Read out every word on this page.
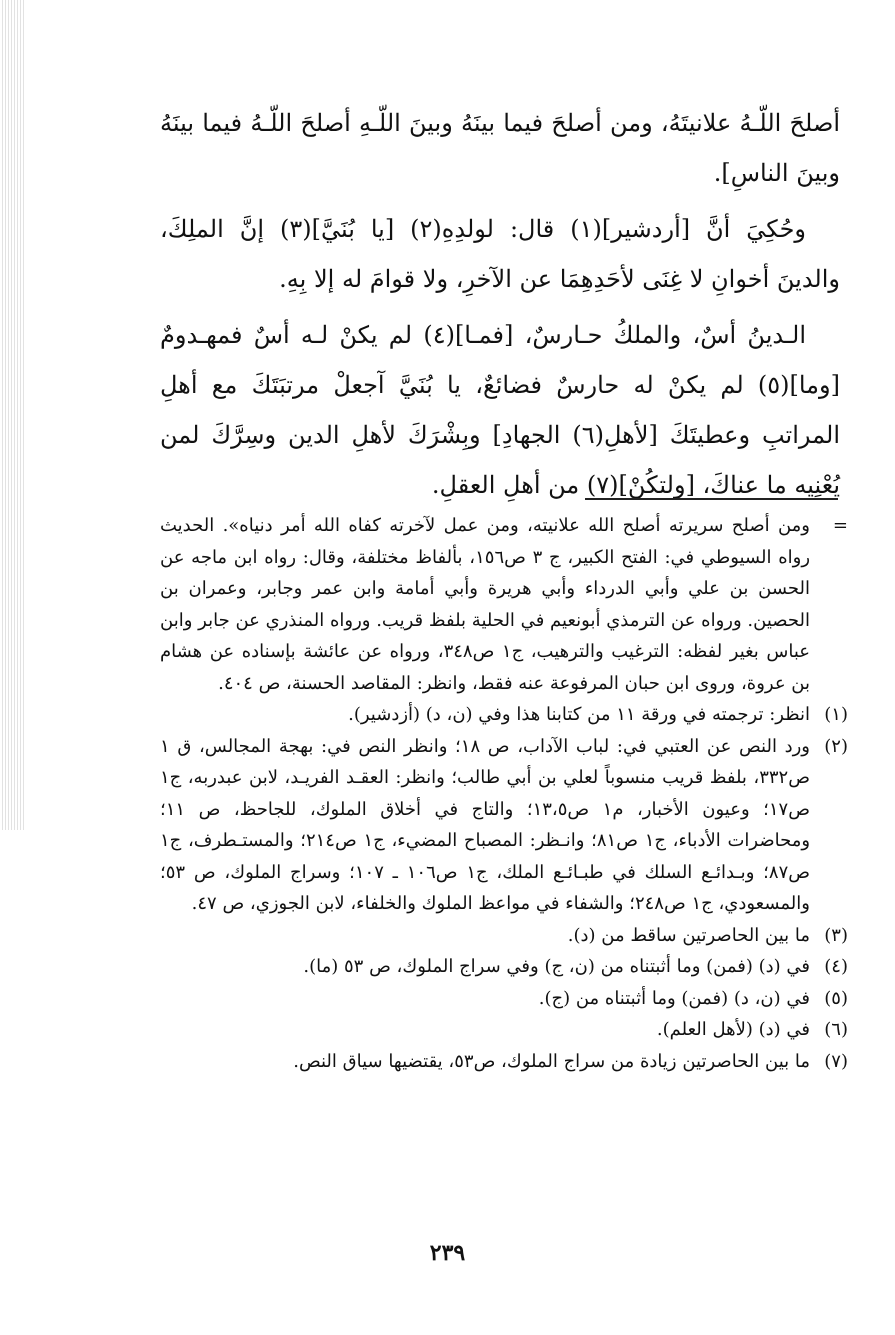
أصلحَ اللّـهُ علانيتَهُ، ومن أصلحَ فيما بينَهُ وبينَ اللّـهِ أصلحَ اللّـهُ فيما بينَهُ وبينَ الناسِ].

وحُكِيَ أنَّ [أردشير](١) قال: لولدِهِ(٢) [يا بُنَيَّ](٣) إنَّ الملِكَ، والدينَ أخوانِ لا غِنَى لأحَدِهِمَا عن الآخرِ، ولا قوامَ له إلا بِهِ.

الـدينُ أسٌ، والملكُ حـارسٌ، [فمـا](٤) لم يكنْ لـه أسٌ فمهـدومٌ [وما](٥) لم يكنْ له حارسٌ فضائعٌ، يا بُنَيَّ آجعلْ مرتبَتَكَ مع أهلِ المراتبِ وعطيتَكَ [لأهلِ(٦) الجهادِ] وبِشْرَكَ لأهلِ الدين وسِرَّكَ لمن يُعْنِيه ما عناكَ، [ولتكُنْ](٧) من أهلِ العقلِ.

=
ومن أصلح سريرته أصلح الله علانيته، ومن عمل لآخرته كفاه الله أمر دنياه». الحديث رواه السيوطي في: الفتح الكبير، ج ٣ ص١٥٦، بألفاظ مختلفة، وقال: رواه ابن ماجه عن الحسن بن علي وأبي الدرداء وأبي هريرة وأبي أمامة وابن عمر وجابر، وعمران بن الحصين. ورواه عن الترمذي أبونعيم في الحلية بلفظ قريب. ورواه المنذري عن جابر وابن عباس بغير لفظه: الترغيب والترهيب، ج١ ص٣٤٨، ورواه عن عائشة بإسناده عن هشام بن عروة، وروى ابن حبان المرفوعة عنه فقط، وانظر: المقاصد الحسنة، ص ٤٠٤.
(١)
انظر: ترجمته في ورقة ١١ من كتابنا هذا وفي (ن، د) (أزدشير).
(٢)
ورد النص عن العتبي في: لباب الآداب، ص ١٨؛ وانظر النص في: بهجة المجالس، ق ١ ص٣٣٢، بلفظ قريب منسوباً لعلي بن أبي طالب؛ وانظر: العقـد الفريـد، لابن عبدربه، ج١ ص١٧؛ وعيون الأخبار، م١ ص١٣،٥؛ والتاج في أخلاق الملوك، للجاحظ، ص ١١؛ ومحاضرات الأدباء، ج١ ص٨١؛ وانـظر: المصباح المضيء، ج١ ص٢١٤؛ والمستـطرف، ج١ ص٨٧؛ وبـدائـع السلك في طبـائـع الملك، ج١ ص١٠٦ ـ ١٠٧؛ وسراج الملوك، ص ٥٣؛ والمسعودي، ج١ ص٢٤٨؛ والشفاء في مواعظ الملوك والخلفاء، لابن الجوزي، ص ٤٧.
(٣)
ما بين الحاصرتين ساقط من (د).
(٤)
في (د) (فمن) وما أثبتناه من (ن، ج) وفي سراج الملوك، ص ٥٣ (ما).
(٥)
في (ن، د) (فمن) وما أثبتناه من (ج).
(٦)
في (د) (لأهل العلم).
(٧)
ما بين الحاصرتين زيادة من سراج الملوك، ص٥٣، يقتضيها سياق النص.
٢٣٩
